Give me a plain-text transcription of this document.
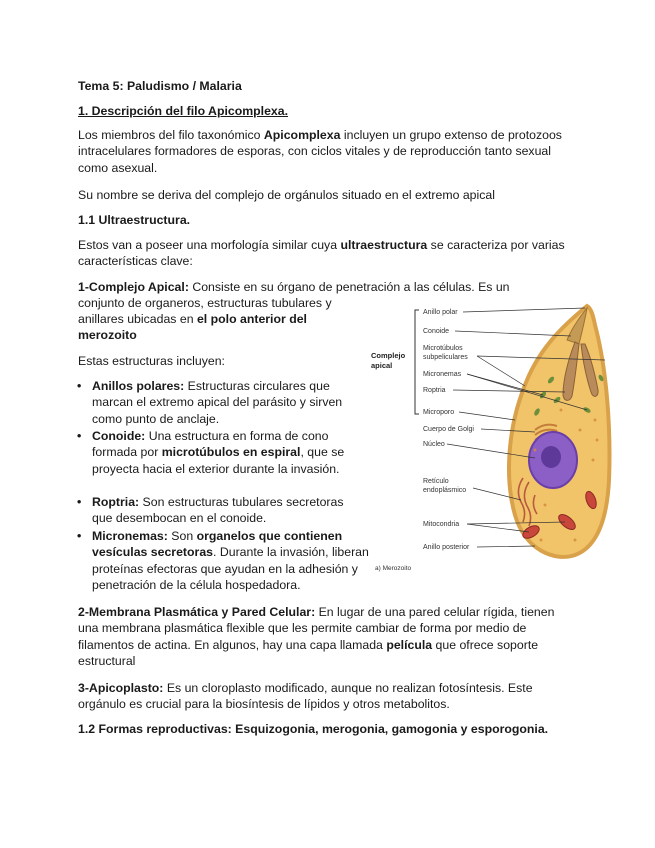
Tema 5: Paludismo / Malaria

1. Descripción del filo Apicomplexa.

Los miembros del filo taxonómico Apicomplexa incluyen un grupo extenso de protozoos intracelulares formadores de esporas, con ciclos vitales y de reproducción tanto sexual como asexual.

Su nombre se deriva del complejo de orgánulos situado en el extremo apical

1.1 Ultraestructura.

Estos van a poseer una morfología similar cuya ultraestructura se caracteriza por varias características clave:

1-Complejo Apical: Consiste en su órgano de penetración a las células. Es un

conjunto de organeros, estructuras tubulares y

anillares ubicadas en el polo anterior del

merozoito

Estas estructuras incluyen:

• Anillos polares: Estructuras circulares que marcan el extremo apical del parásito y sirven como punto de anclaje.
• Conoide: Una estructura en forma de cono formada por microtúbulos en espiral, que se proyecta hacia el exterior durante la invasión.
• Roptria: Son estructuras tubulares secretoras que desembocan en el conoide.
• Micronemas: Son organelos que contienen vesículas secretoras. Durante la invasión, liberan proteínas efectoras que ayudan en la adhesión y penetración de la célula hospedadora.

2-Membrana Plasmática y Pared Celular: En lugar de una pared celular rígida, tienen una membrana plasmática flexible que les permite cambiar de forma por medio de filamentos de actina. En algunos, hay una capa llamada película que ofrece soporte estructural

3-Apicoplasto: Es un cloroplasto modificado, aunque no realizan fotosíntesis. Este orgánulo es crucial para la biosíntesis de lípidos y otros metabolitos.

1.2 Formas reproductivas: Esquizogonia, merogonia, gamogonia y esporogonia.

Complejo
apical
Anillo polar
Conoide
Microtúbulos
subpeliculares
Micronemas
Roptria
Microporo
Cuerpo de Golgi
Núcleo
Retículo
endoplásmico
Mitocondria
Anillo posterior
a) Merozoito
